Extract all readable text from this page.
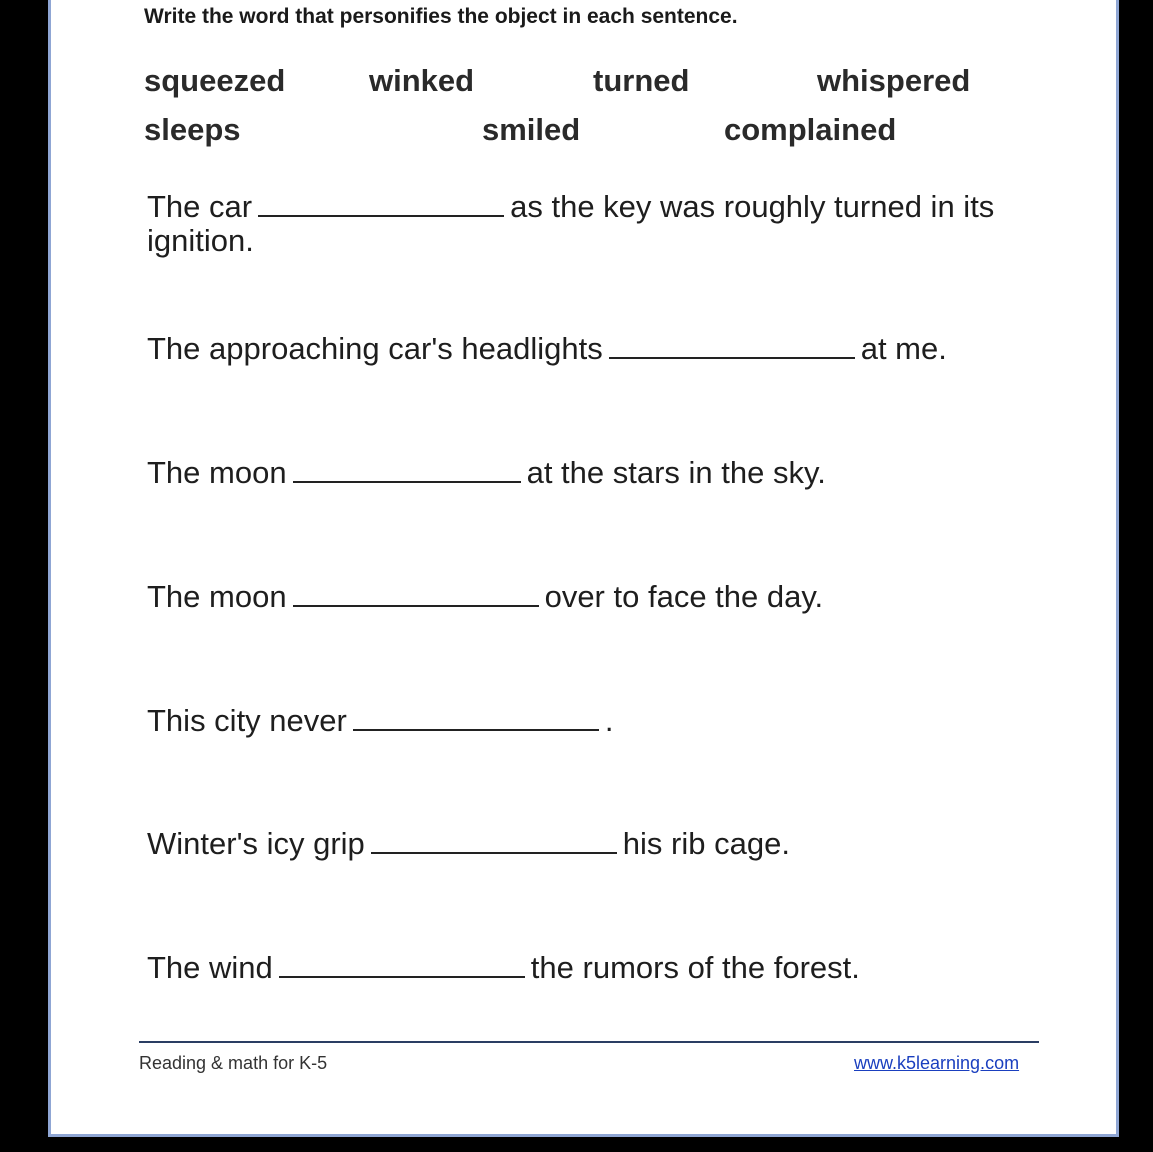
Write the word that personifies the object in each sentence.
squeezed	winked	turned	whispered
sleeps	smiled	complained
The car	as the key was roughly turned in its
ignition.
The approaching car's headlights	at me.
The moon	at the stars in the sky.
The moon	over to face the day.
This city never	.
Winter's icy grip	his rib cage.
The wind	the rumors of the forest.
Reading & math for K-5	www.k5learning.com
